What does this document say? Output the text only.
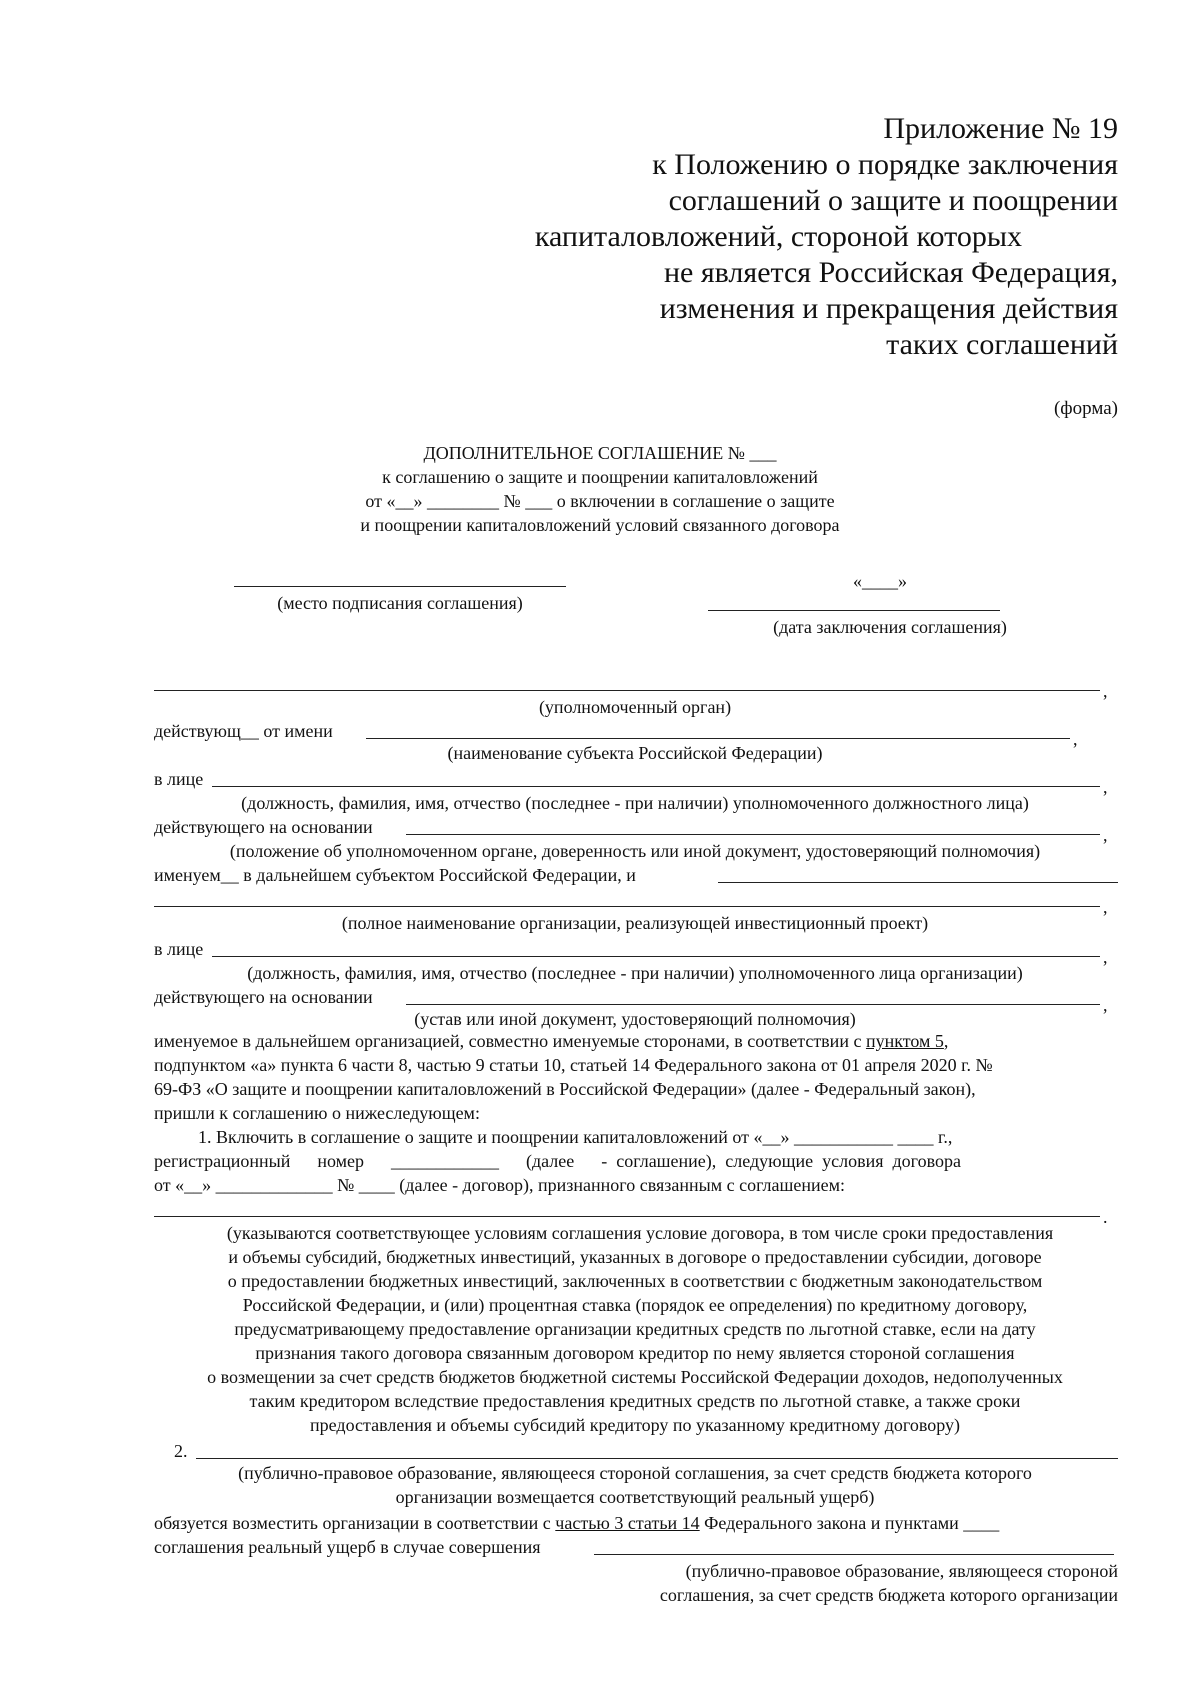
Приложение № 19
к Положению о порядке заключения
соглашений о защите и поощрении
капиталовложений, стороной которых
не является Российская Федерация,
изменения и прекращения действия
таких соглашений
(форма)
ДОПОЛНИТЕЛЬНОЕ СОГЛАШЕНИЕ № ___
к соглашению о защите и поощрении капиталовложений
от «__» ________ № ___ о включении в соглашение о защите
и поощрении капиталовложений условий связанного договора
(место подписания соглашения)
«____»
(дата заключения соглашения)
,
(уполномоченный орган)
действующ__ от имени	,
(наименование субъекта Российской Федерации)
в лице	,
(должность, фамилия, имя, отчество (последнее - при наличии) уполномоченного должностного лица)
действующего на основании	,
(положение об уполномоченном органе, доверенность или иной документ, удостоверяющий полномочия)
именуем__ в дальнейшем субъектом Российской Федерации, и
,
(полное наименование организации, реализующей инвестиционный проект)
в лице	,
(должность, фамилия, имя, отчество (последнее - при наличии) уполномоченного лица организации)
действующего на основании	,
(устав или иной документ, удостоверяющий полномочия)
именуемое в дальнейшем организацией, совместно именуемые сторонами, в соответствии с пунктом 5,
подпунктом «а» пункта 6 части 8, частью 9 статьи 10, статьей 14 Федерального закона от 01 апреля 2020 г. №
69-ФЗ «О защите и поощрении капиталовложений в Российской Федерации» (далее - Федеральный закон),
пришли к соглашению о нижеследующем:
1. Включить в соглашение о защите и поощрении капиталовложений от «__» ___________ ____ г.,
регистрационный      номер      ____________      (далее      -  соглашение),  следующие  условия  договора
от «__» _____________ № ____ (далее - договор), признанного связанным с соглашением:
.
(указываются соответствующее условиям соглашения условие договора, в том числе сроки предоставления
и объемы субсидий, бюджетных инвестиций, указанных в договоре о предоставлении субсидии, договоре
о предоставлении бюджетных инвестиций, заключенных в соответствии с бюджетным законодательством
Российской Федерации, и (или) процентная ставка (порядок ее определения) по кредитному договору,
предусматривающему предоставление организации кредитных средств по льготной ставке, если на дату
признания такого договора связанным договором кредитор по нему является стороной соглашения
о возмещении за счет средств бюджетов бюджетной системы Российской Федерации доходов, недополученных
таким кредитором вследствие предоставления кредитных средств по льготной ставке, а также сроки
предоставления и объемы субсидий кредитору по указанному кредитному договору)
2.
(публично-правовое образование, являющееся стороной соглашения, за счет средств бюджета которого
организации возмещается соответствующий реальный ущерб)
обязуется возместить организации в соответствии с частью 3 статьи 14 Федерального закона и пунктами ____
соглашения реальный ущерб в случае совершения
(публично-правовое образование, являющееся стороной
соглашения, за счет средств бюджета которого организации
